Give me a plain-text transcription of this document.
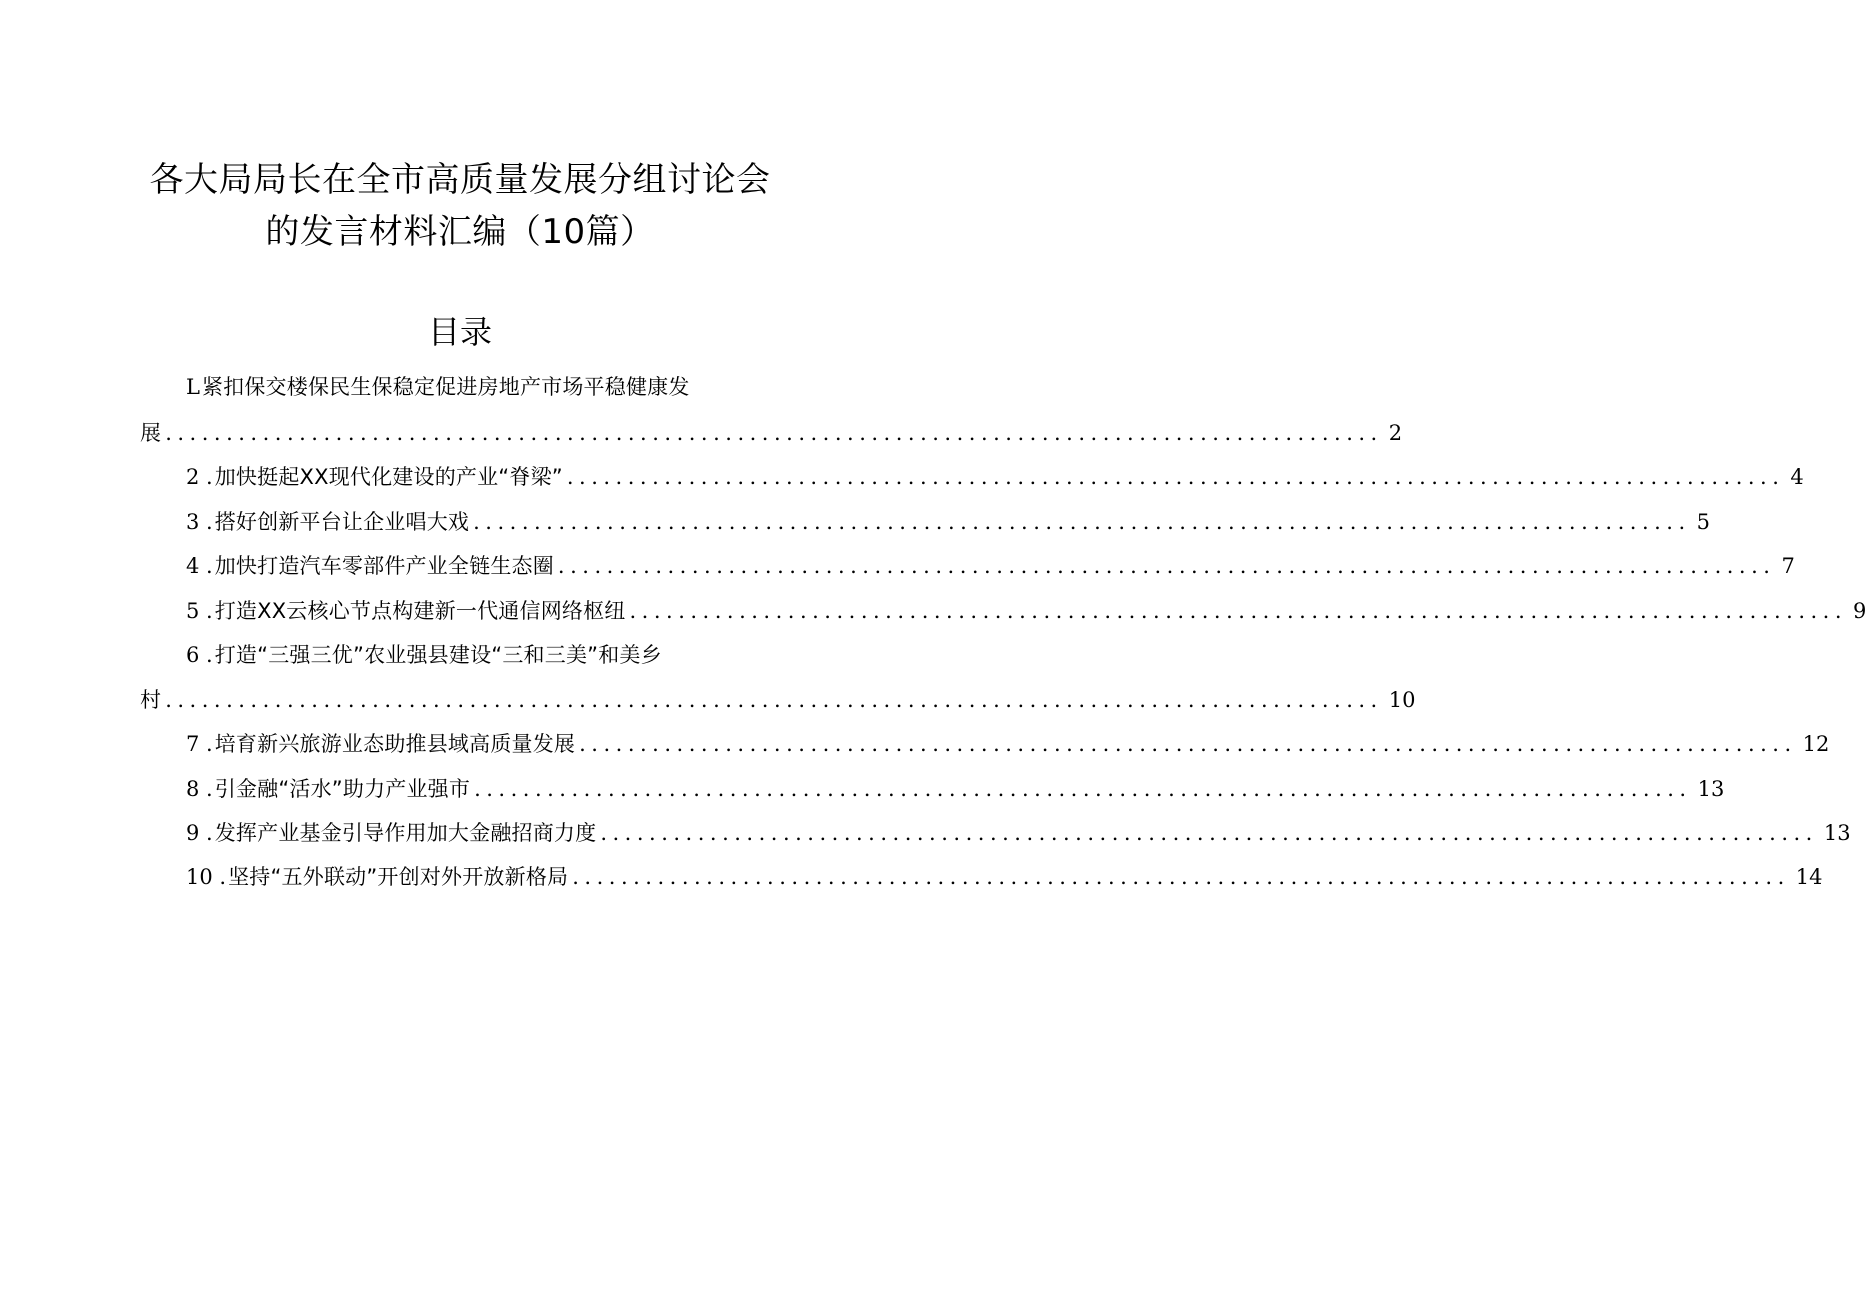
各大局局长在全市高质量发展分组讨论会
的发言材料汇编（10篇）
目录
L 紧扣保交楼保民生保稳定促进房地产市场平稳健康发
展 .................................................................................................... 2
2 . 加快挺起XX现代化建设的产业“脊梁” .................................................................................................... 4
3 . 搭好创新平台让企业唱大戏 .................................................................................................... 5
4 . 加快打造汽车零部件产业全链生态圈 .................................................................................................... 7
5 . 打造XX云核心节点构建新一代通信网络枢纽 .................................................................................................... 9
6 . 打造“三强三优”农业强县建设“三和三美”和美乡
村 .................................................................................................... 10
7 . 培育新兴旅游业态助推县域高质量发展 .................................................................................................... 12
8 . 引金融“活水”助力产业强市 .................................................................................................... 13
9 . 发挥产业基金引导作用加大金融招商力度 .................................................................................................... 13
10 . 坚持“五外联动”开创对外开放新格局 .................................................................................................... 14
